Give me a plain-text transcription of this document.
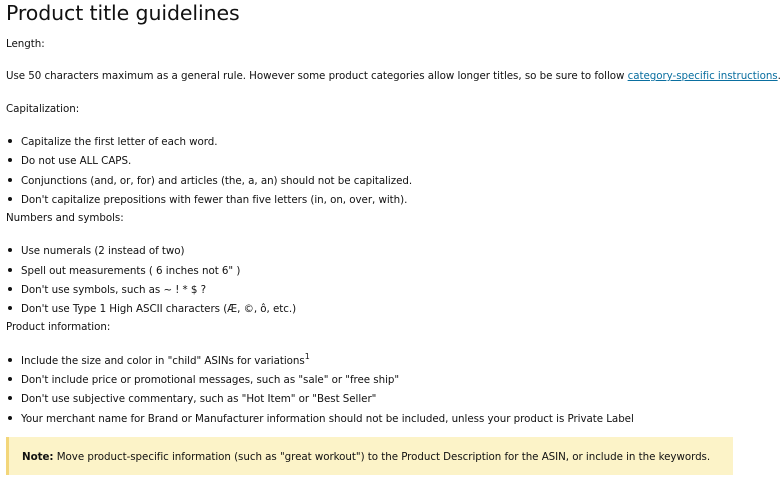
Product title guidelines

Length:

Use 50 characters maximum as a general rule. However some product categories allow longer titles, so be sure to follow category-specific instructions.

Capitalization:

Capitalize the first letter of each word.
Do not use ALL CAPS.
Conjunctions (and, or, for) and articles (the, a, an) should not be capitalized.
Don't capitalize prepositions with fewer than five letters (in, on, over, with).

Numbers and symbols:

Use numerals (2 instead of two)
Spell out measurements ( 6 inches not 6" )
Don't use symbols, such as ~ ! * $ ?
Don't use Type 1 High ASCII characters (Æ, ©, ô, etc.)

Product information:

Include the size and color in "child" ASINs for variations$^1$
Don't include price or promotional messages, such as "sale" or "free ship"
Don't use subjective commentary, such as "Hot Item" or "Best Seller"
Your merchant name for Brand or Manufacturer information should not be included, unless your product is Private Label
Note: Move product-specific information (such as "great workout") to the Product Description for the ASIN, or include in the keywords.
